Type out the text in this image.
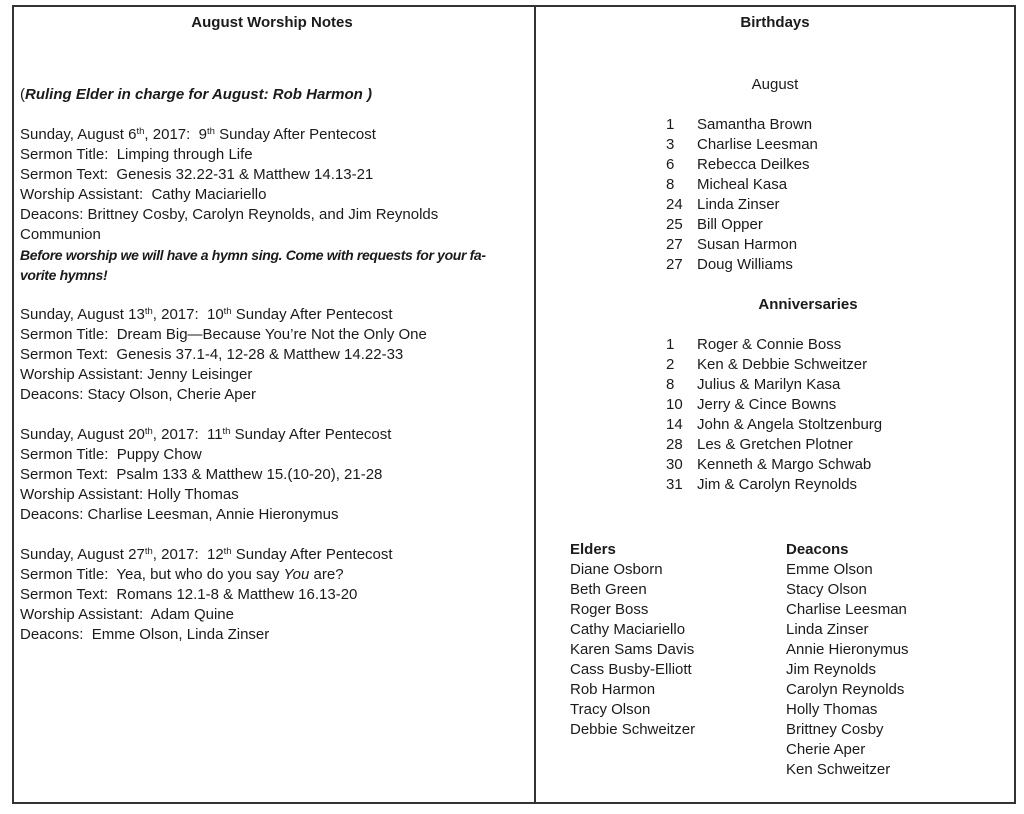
August Worship Notes
(Ruling Elder in charge for August: Rob Harmon )
Sunday, August 6th, 2017:  9th Sunday After Pentecost
Sermon Title:  Limping through Life
Sermon Text:  Genesis 32.22-31 & Matthew 14.13-21
Worship Assistant:  Cathy Maciariello
Deacons: Brittney Cosby, Carolyn Reynolds, and Jim Reynolds
Communion
Before worship we will have a hymn sing. Come with requests for your fa-
vorite hymns!
Sunday, August 13th, 2017:  10th Sunday After Pentecost
Sermon Title:  Dream Big—Because You’re Not the Only One
Sermon Text:  Genesis 37.1-4, 12-28 & Matthew 14.22-33
Worship Assistant: Jenny Leisinger
Deacons: Stacy Olson, Cherie Aper
Sunday, August 20th, 2017:  11th Sunday After Pentecost
Sermon Title:  Puppy Chow
Sermon Text:  Psalm 133 & Matthew 15.(10-20), 21-28
Worship Assistant: Holly Thomas
Deacons: Charlise Leesman, Annie Hieronymus
Sunday, August 27th, 2017:  12th Sunday After Pentecost
Sermon Title:  Yea, but who do you say You are?
Sermon Text:  Romans 12.1-8 & Matthew 16.13-20
Worship Assistant:  Adam Quine
Deacons:  Emme Olson, Linda Zinser
Birthdays
August
1	Samantha Brown
3	Charlise Leesman
6	Rebecca Deilkes
8	Micheal Kasa
24 Linda Zinser
25 Bill Opper
27 Susan Harmon
27 Doug Williams
Anniversaries
1	Roger & Connie Boss
2	Ken & Debbie Schweitzer
8	Julius & Marilyn Kasa
10 Jerry & Cince Bowns
14 John & Angela Stoltzenburg
28 Les & Gretchen Plotner
30 Kenneth & Margo Schwab
31 Jim & Carolyn Reynolds
Elders
Diane Osborn
Beth Green
Roger Boss
Cathy Maciariello
Karen Sams Davis
Cass Busby-Elliott
Rob Harmon
Tracy Olson
Debbie Schweitzer
Deacons
Emme Olson
Stacy Olson
Charlise Leesman
Linda Zinser
Annie Hieronymus
Jim Reynolds
Carolyn Reynolds
Holly Thomas
Brittney Cosby
Cherie Aper
Ken Schweitzer
